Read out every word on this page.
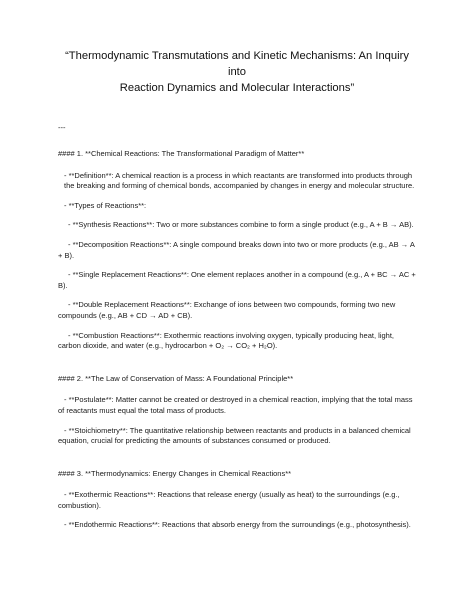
“Thermodynamic Transmutations and Kinetic Mechanisms: An Inquiry into
Reaction Dynamics and Molecular Interactions”
---
#### 1. **Chemical Reactions: The Transformational Paradigm of Matter**
- **Definition**: A chemical reaction is a process in which reactants are transformed into products through the breaking and forming of chemical bonds, accompanied by changes in energy and molecular structure.
- **Types of Reactions**:
- **Synthesis Reactions**: Two or more substances combine to form a single product (e.g., A + B → AB).
- **Decomposition Reactions**: A single compound breaks down into two or more products (e.g., AB → A + B).
- **Single Replacement Reactions**: One element replaces another in a compound (e.g., A + BC → AC + B).
- **Double Replacement Reactions**: Exchange of ions between two compounds, forming two new compounds (e.g., AB + CD → AD + CB).
- **Combustion Reactions**: Exothermic reactions involving oxygen, typically producing heat, light, carbon dioxide, and water (e.g., hydrocarbon + O₂ → CO₂ + H₂O).
#### 2. **The Law of Conservation of Mass: A Foundational Principle**
- **Postulate**: Matter cannot be created or destroyed in a chemical reaction, implying that the total mass of reactants must equal the total mass of products.
- **Stoichiometry**: The quantitative relationship between reactants and products in a balanced chemical equation, crucial for predicting the amounts of substances consumed or produced.
#### 3. **Thermodynamics: Energy Changes in Chemical Reactions**
- **Exothermic Reactions**: Reactions that release energy (usually as heat) to the surroundings (e.g., combustion).
- **Endothermic Reactions**: Reactions that absorb energy from the surroundings (e.g., photosynthesis).
